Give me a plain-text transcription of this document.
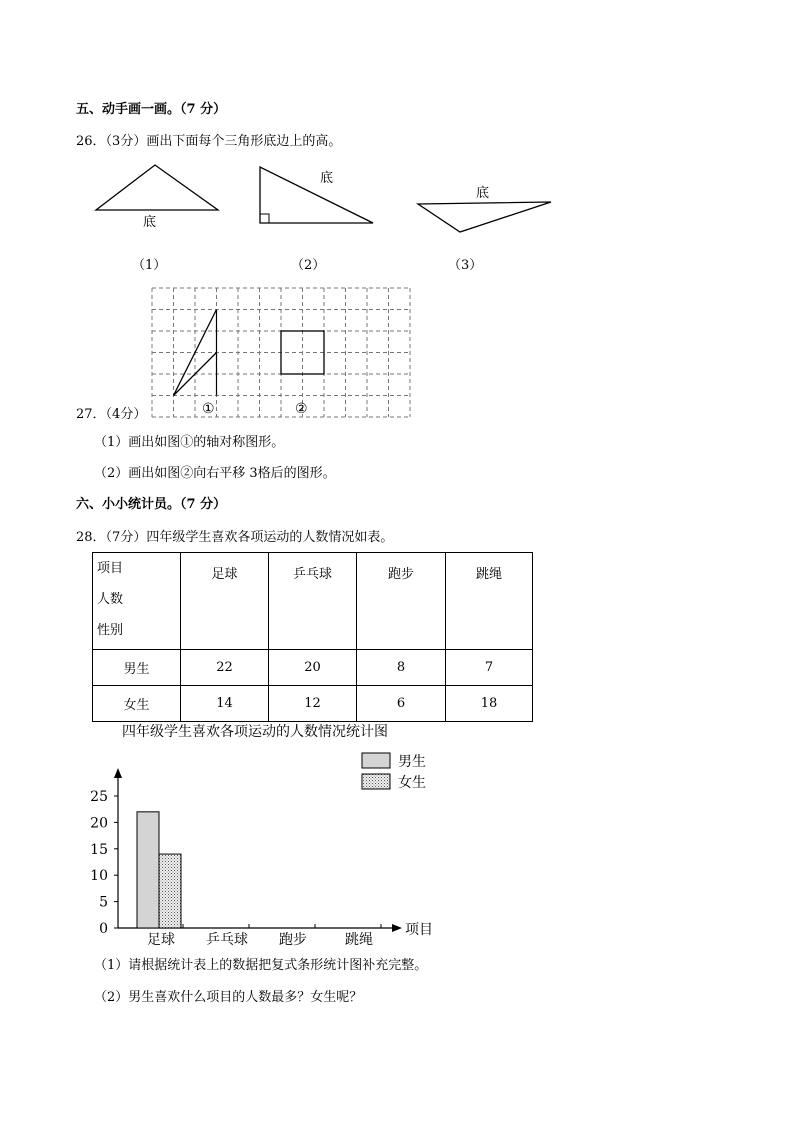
五、动手画一画。（7 分）
26．（3分）画出下面每个三角形底边上的高。
底
底
底
（1）	（2）	（3）
①	②
27．（4分）
（1）画出如图①的轴对称图形。
（2）画出如图②向右平移 3格后的图形。
六、小小统计员。（7 分）
28．（7分）四年级学生喜欢各项运动的人数情况如表。
项目
人数
性别	足球	乒乓球	跑步	跳绳

男生	22	20	8	7
女生	14	12	6	18
四年级学生喜欢各项运动的人数情况统计图
男生
女生
项目
0
5
10
15
20
25
足球 乒乓球 跑步	跳绳
（1）请根据统计表上的数据把复式条形统计图补充完整。
（2）男生喜欢什么项目的人数最多？女生呢？
